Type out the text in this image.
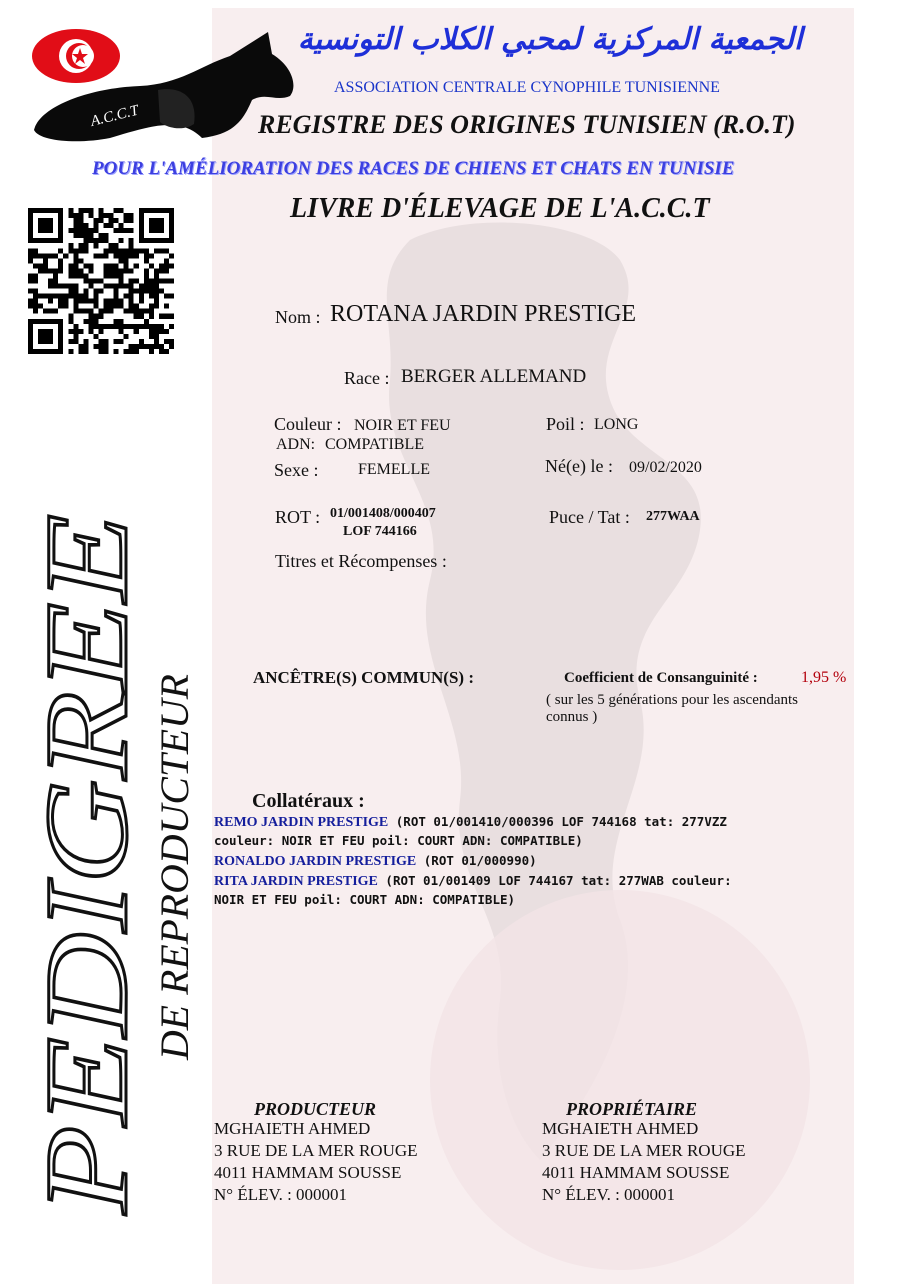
A.C.C.T
الجمعية المركزية لمحبي الكلاب التونسية
ASSOCIATION CENTRALE CYNOPHILE TUNISIENNE
REGISTRE DES ORIGINES TUNISIEN (R.O.T)
POUR L'AMÉLIORATION DES RACES DE CHIENS ET CHATS EN TUNISIE
LIVRE D'ÉLEVAGE DE L'A.C.C.T
PEDIGREE DE REPRODUCTEUR
Nom : ROTANA JARDIN PRESTIGE
Race : BERGER ALLEMAND
Couleur : NOIR ET FEU
ADN: COMPATIBLE
Sexe : FEMELLE
Poil : LONG
Né(e) le : 09/02/2020
ROT : 01/001408/000407
LOF 744166
Puce / Tat : 277WAA
Titres et Récompenses :
ANCÊTRE(S) COMMUN(S) :	Coefficient de Consanguinité :	1,95 %
( sur les 5 générations pour les ascendants
connus )
Collatéraux :
REMO JARDIN PRESTIGE (ROT 01/001410/000396 LOF 744168 tat: 277VZZ
couleur: NOIR ET FEU poil: COURT ADN: COMPATIBLE)
RONALDO JARDIN PRESTIGE (ROT 01/000990)
RITA JARDIN PRESTIGE (ROT 01/001409 LOF 744167 tat: 277WAB couleur:
NOIR ET FEU poil: COURT ADN: COMPATIBLE)
PRODUCTEUR
MGHAIETH AHMED
3 RUE DE LA MER ROUGE
4011 HAMMAM SOUSSE
N° ÉLEV. : 000001
PROPRIÉTAIRE
MGHAIETH AHMED
3 RUE DE LA MER ROUGE
4011 HAMMAM SOUSSE
N° ÉLEV. : 000001
